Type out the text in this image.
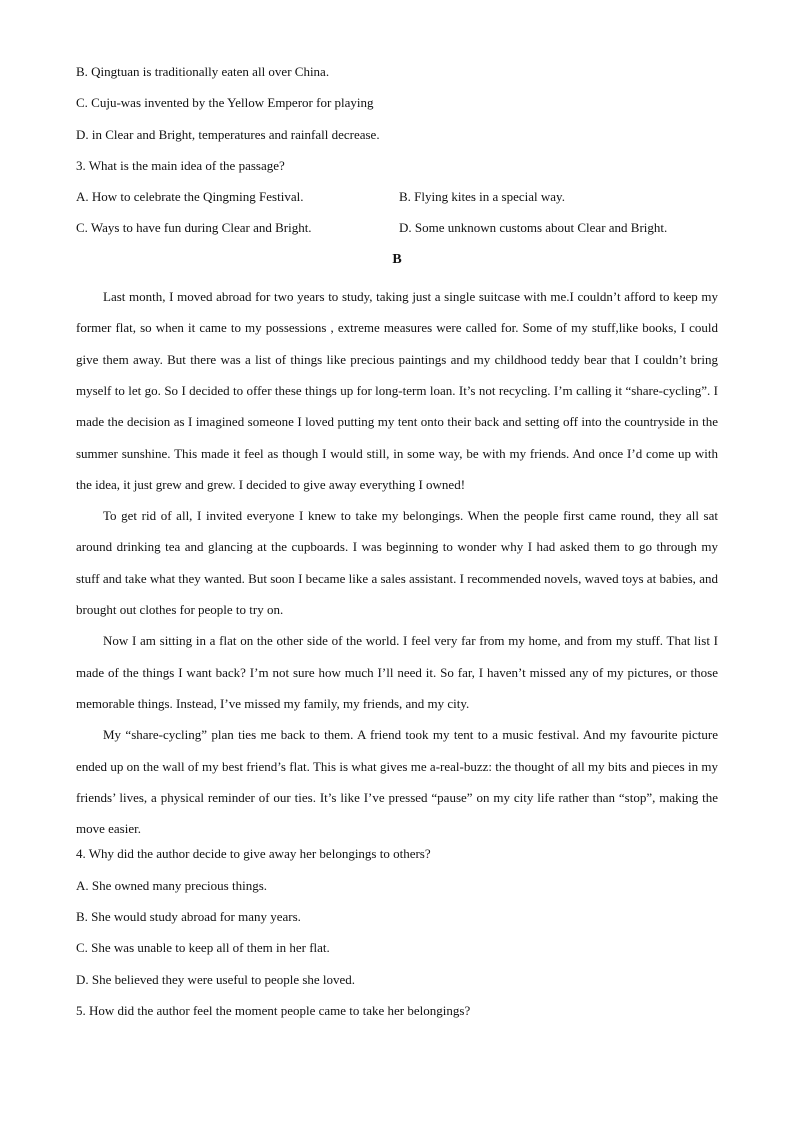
B. Qingtuan is traditionally eaten all over China.
C. Cuju-was invented by the Yellow Emperor for playing
D. in Clear and Bright, temperatures and rainfall decrease.
3. What is the main idea of the passage?
A. How to celebrate the Qingming Festival.	B. Flying kites in a special way.
C. Ways to have fun during Clear and Bright.	D. Some unknown customs about Clear and Bright.
B

Last month, I moved abroad for two years to study, taking just a single suitcase with me.I couldn’t afford to keep my former flat, so when it came to my possessions , extreme measures were called for. Some of my stuff,like books, I could give them away. But there was a list of things like precious paintings and my childhood teddy bear that I couldn’t bring myself to let go. So I decided to offer these things up for long-term loan. It’s not recycling. I’m calling it “share-cycling”. I made the decision as I imagined someone I loved putting my tent onto their back and setting off into the countryside in the summer sunshine. This made it feel as though I would still, in some way, be with my friends. And once I’d come up with the idea, it just grew and grew. I decided to give away everything I owned!

To get rid of all, I invited everyone I knew to take my belongings. When the people first came round, they all sat around drinking tea and glancing at the cupboards. I was beginning to wonder why I had asked them to go through my stuff and take what they wanted. But soon I became like a sales assistant. I recommended novels, waved toys at babies, and brought out clothes for people to try on.

Now I am sitting in a flat on the other side of the world. I feel very far from my home, and from my stuff. That list I made of the things I want back? I’m not sure how much I’ll need it. So far, I haven’t missed any of my pictures, or those memorable things. Instead, I’ve missed my family, my friends, and my city.

My “share-cycling” plan ties me back to them. A friend took my tent to a music festival. And my favourite picture ended up on the wall of my best friend’s flat. This is what gives me a-real-buzz: the thought of all my bits and pieces in my friends’ lives, a physical reminder of our ties. It’s like I’ve pressed “pause” on my city life rather than “stop”, making the move easier.

4. Why did the author decide to give away her belongings to others?
A. She owned many precious things.
B. She would study abroad for many years.
C. She was unable to keep all of them in her flat.
D. She believed they were useful to people she loved.
5. How did the author feel the moment people came to take her belongings?
